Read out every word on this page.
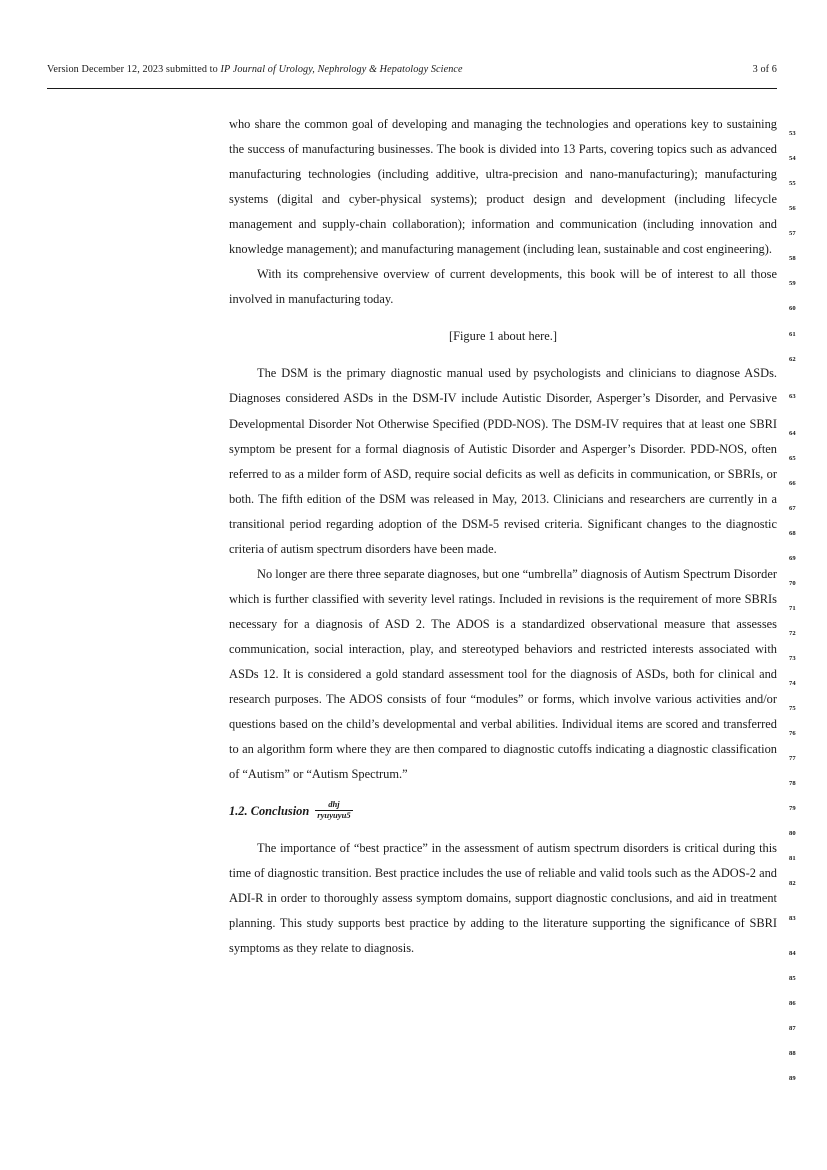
Version December 12, 2023 submitted to IP Journal of Urology, Nephrology & Hepatology Science	3 of 6

who share the common goal of developing and managing the technologies and operations key to sustaining the success of manufacturing businesses. The book is divided into 13 Parts, covering topics such as advanced manufacturing technologies (including additive, ultra-precision and nano-manufacturing); manufacturing systems (digital and cyber-physical systems); product design and development (including lifecycle management and supply-chain collaboration); information and communication (including innovation and knowledge management); and manufacturing management (including lean, sustainable and cost engineering).

With its comprehensive overview of current developments, this book will be of interest to all those involved in manufacturing today.

[Figure 1 about here.]

The DSM is the primary diagnostic manual used by psychologists and clinicians to diagnose ASDs. Diagnoses considered ASDs in the DSM-IV include Autistic Disorder, Asperger’s Disorder, and Pervasive Developmental Disorder Not Otherwise Specified (PDD-NOS). The DSM-IV requires that at least one SBRI symptom be present for a formal diagnosis of Autistic Disorder and Asperger’s Disorder. PDD-NOS, often referred to as a milder form of ASD, require social deficits as well as deficits in communication, or SBRIs, or both. The fifth edition of the DSM was released in May, 2013. Clinicians and researchers are currently in a transitional period regarding adoption of the DSM-5 revised criteria. Significant changes to the diagnostic criteria of autism spectrum disorders have been made.

No longer are there three separate diagnoses, but one “umbrella” diagnosis of Autism Spectrum Disorder which is further classified with severity level ratings. Included in revisions is the requirement of more SBRIs necessary for a diagnosis of ASD 2. The ADOS is a standardized observational measure that assesses communication, social interaction, play, and stereotyped behaviors and restricted interests associated with ASDs 12. It is considered a gold standard assessment tool for the diagnosis of ASDs, both for clinical and research purposes. The ADOS consists of four “modules” or forms, which involve various activities and/or questions based on the child’s developmental and verbal abilities. Individual items are scored and transferred to an algorithm form where they are then compared to diagnostic cutoffs indicating a diagnostic classification of “Autism” or “Autism Spectrum.”

1.2. Conclusion $\frac{\text{dhj}}{\text{ryuyuyu5}}$

The importance of “best practice” in the assessment of autism spectrum disorders is critical during this time of diagnostic transition. Best practice includes the use of reliable and valid tools such as the ADOS-2 and ADI-R in order to thoroughly assess symptom domains, support diagnostic conclusions, and aid in treatment planning. This study supports best practice by adding to the literature supporting the significance of SBRI symptoms as they relate to diagnosis.

53
54
55
56
57
58
59
60
61
62
63
64
65
66
67
68
69
70
71
72
73
74
75
76
77
78
79
80
81
82
83
84
85
86
87
88
89
